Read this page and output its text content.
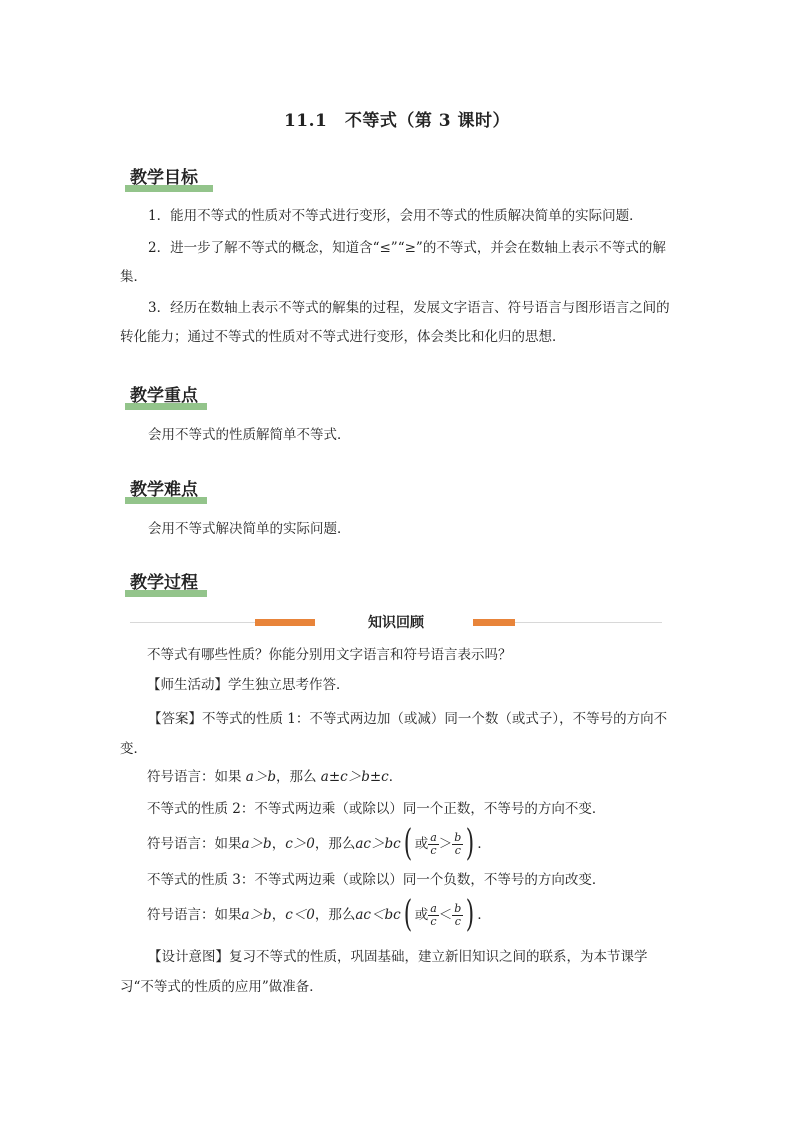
11.1　不等式（第 3 课时）
教学目标
1．能用不等式的性质对不等式进行变形，会用不等式的性质解决简单的实际问题．
2．进一步了解不等式的概念，知道含“≤”“≥”的不等式，并会在数轴上表示不等式的解集．
3．经历在数轴上表示不等式的解集的过程，发展文字语言、符号语言与图形语言之间的转化能力；通过不等式的性质对不等式进行变形，体会类比和化归的思想．
教学重点
会用不等式的性质解简单不等式．
教学难点
会用不等式解决简单的实际问题．
教学过程
知识回顾
不等式有哪些性质？你能分别用文字语言和符号语言表示吗？
【师生活动】学生独立思考作答．
【答案】不等式的性质 1：不等式两边加（或减）同一个数（或式子），不等号的方向不变．
符号语言：如果 a＞b，那么 a±c＞b±c．
不等式的性质 2：不等式两边乘（或除以）同一个正数，不等号的方向不变．
符号语言：如果 a＞b ， c＞0 ，那么 ac＞bc ( 或 $\frac{a}{c} > \frac{b}{c}$ ) ．
不等式的性质 3：不等式两边乘（或除以）同一个负数，不等号的方向改变．
符号语言：如果 a＞b ， c＜0 ，那么 ac＜bc ( 或 $\frac{a}{c} < \frac{b}{c}$ ) ．
【设计意图】复习不等式的性质，巩固基础，建立新旧知识之间的联系，为本节课学习“不等式的性质的应用”做准备．
